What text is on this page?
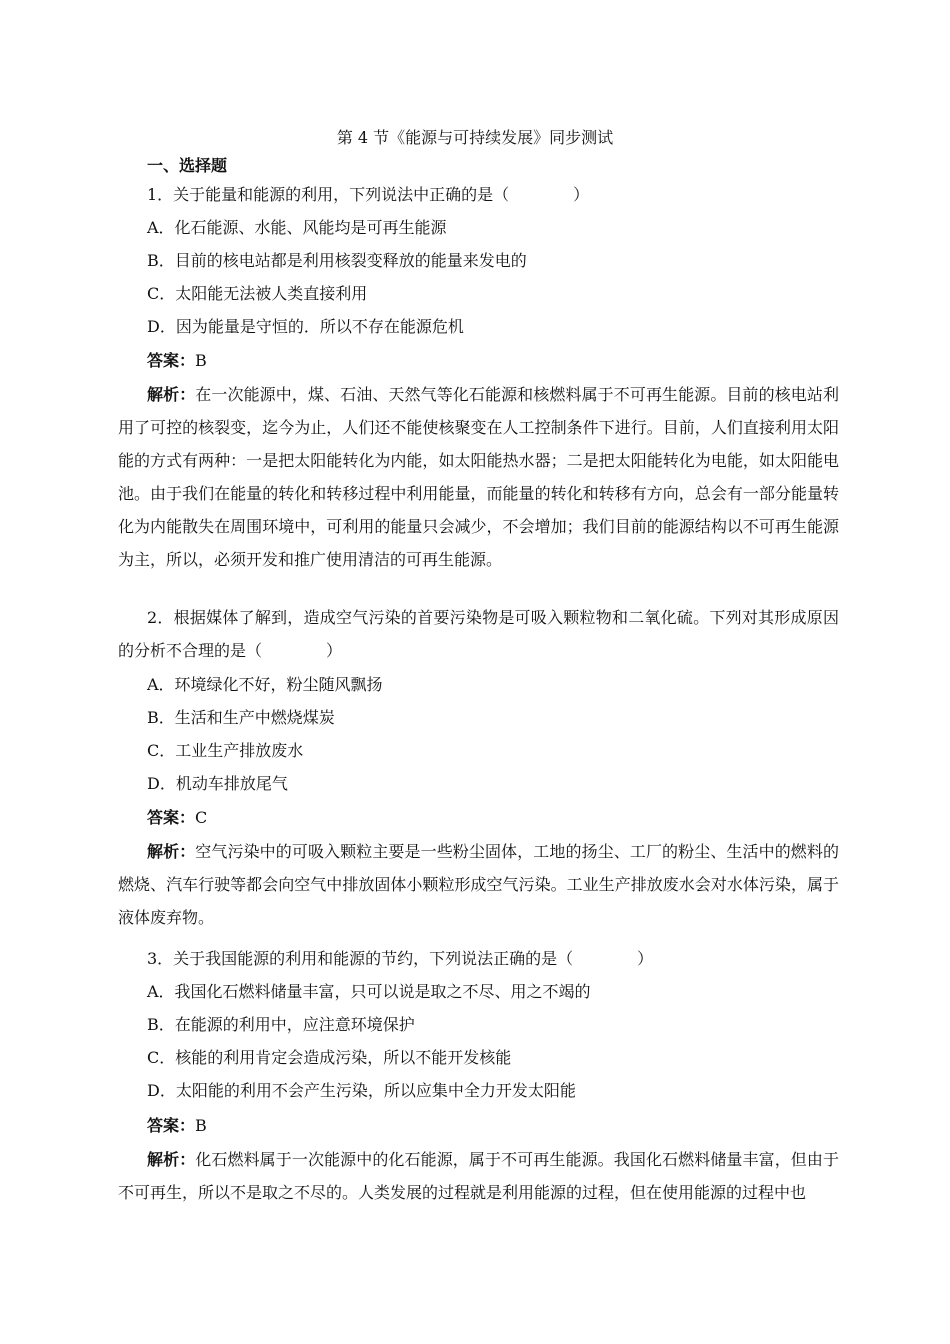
第 4 节《能源与可持续发展》同步测试
一、选择题
1．关于能量和能源的利用，下列说法中正确的是（　　　　）
A．化石能源、水能、风能均是可再生能源
B．目前的核电站都是利用核裂变释放的能量来发电的
C．太阳能无法被人类直接利用
D．因为能量是守恒的．所以不存在能源危机
答案：B
解析：在一次能源中，煤、石油、天然气等化石能源和核燃料属于不可再生能源。目前的核电站利用了可控的核裂变，迄今为止，人们还不能使核聚变在人工控制条件下进行。目前，人们直接利用太阳能的方式有两种：一是把太阳能转化为内能，如太阳能热水器；二是把太阳能转化为电能，如太阳能电池。由于我们在能量的转化和转移过程中利用能量，而能量的转化和转移有方向，总会有一部分能量转化为内能散失在周围环境中，可利用的能量只会减少，不会增加；我们目前的能源结构以不可再生能源为主，所以，必须开发和推广使用清洁的可再生能源。
2．根据媒体了解到，造成空气污染的首要污染物是可吸入颗粒物和二氧化硫。下列对其形成原因的分析不合理的是（　　　　）
A．环境绿化不好，粉尘随风飘扬
B．生活和生产中燃烧煤炭
C．工业生产排放废水
D．机动车排放尾气
答案：C
解析：空气污染中的可吸入颗粒主要是一些粉尘固体，工地的扬尘、工厂的粉尘、生活中的燃料的燃烧、汽车行驶等都会向空气中排放固体小颗粒形成空气污染。工业生产排放废水会对水体污染，属于液体废弃物。
3．关于我国能源的利用和能源的节约，下列说法正确的是（　　　　）
A．我国化石燃料储量丰富，只可以说是取之不尽、用之不竭的
B．在能源的利用中，应注意环境保护
C．核能的利用肯定会造成污染，所以不能开发核能
D．太阳能的利用不会产生污染，所以应集中全力开发太阳能
答案：B
解析：化石燃料属于一次能源中的化石能源，属于不可再生能源。我国化石燃料储量丰富，但由于不可再生，所以不是取之不尽的。人类发展的过程就是利用能源的过程，但在使用能源的过程中也
